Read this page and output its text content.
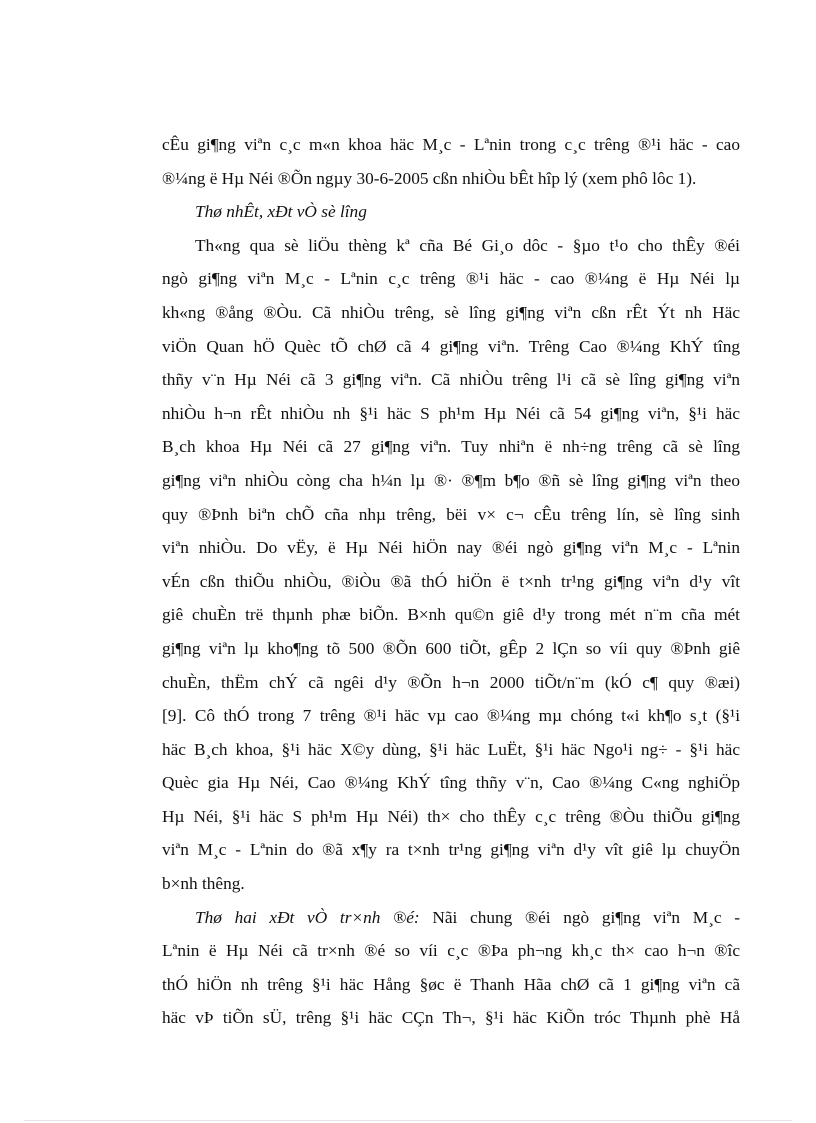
cÊu gi¶ng viªn c¸c m«n khoa häc M¸c - Lªnin trong c¸c trêng ®¹i häc - cao
®¼ng ë Hµ Néi ®Õn ngµy 30-6-2005 cßn nhiÒu bÊt hîp lý (xem phô lôc 1).

Thø nhÊt, xÐt vÒ sè lîng

Th«ng qua sè liÖu thèng kª cña Bé Gi¸o dôc - §µo t¹o cho thÊy ®éi
ngò gi¶ng viªn M¸c - Lªnin c¸c trêng ®¹i häc - cao ®¼ng ë Hµ Néi lµ
kh«ng ®ång ®Òu. Cã nhiÒu trêng, sè lîng gi¶ng viªn cßn rÊt Ýt nh Häc
viÖn Quan hÖ Quèc tÕ chØ cã 4 gi¶ng viªn. Trêng Cao ®¼ng KhÝ tîng
thñy v¨n Hµ Néi cã 3 gi¶ng viªn. Cã nhiÒu trêng l¹i cã sè lîng gi¶ng viªn
nhiÒu h¬n rÊt nhiÒu nh §¹i häc S ph¹m Hµ Néi cã 54 gi¶ng viªn, §¹i häc
B¸ch khoa Hµ Néi cã 27 gi¶ng viªn. Tuy nhiªn ë nh÷ng trêng cã sè lîng
gi¶ng viªn nhiÒu còng cha h¼n lµ ®· ®¶m b¶o ®ñ sè lîng gi¶ng viªn theo
quy ®Þnh biªn chÕ cña nhµ trêng, bëi v× c¬ cÊu trêng lín, sè lîng sinh
viªn nhiÒu. Do vËy, ë Hµ Néi hiÖn nay ®éi ngò gi¶ng viªn M¸c - Lªnin
vÉn cßn thiÕu nhiÒu, ®iÒu ®ã thÓ hiÖn ë t×nh tr¹ng gi¶ng viªn d¹y vît
giê chuÈn trë thµnh phæ biÕn. B×nh qu©n giê d¹y trong mét n¨m cña mét
gi¶ng viªn lµ kho¶ng tõ 500 ®Õn 600 tiÕt, gÊp 2 lÇn so víi quy ®Þnh giê
chuÈn, thËm chÝ cã ngêi d¹y ®Õn h¬n 2000 tiÕt/n¨m (kÓ c¶ quy ®æi)
[9]. Cô thÓ trong 7 trêng ®¹i häc vµ cao ®¼ng mµ chóng t«i kh¶o s¸t (§¹i
häc B¸ch khoa, §¹i häc X©y dùng, §¹i häc LuËt, §¹i häc Ngo¹i ng÷ - §¹i häc
Quèc gia Hµ Néi, Cao ®¼ng KhÝ tîng thñy v¨n, Cao ®¼ng C«ng nghiÖp
Hµ Néi, §¹i häc S ph¹m Hµ Néi) th× cho thÊy c¸c trêng ®Òu thiÕu gi¶ng
viªn M¸c - Lªnin do ®ã x¶y ra t×nh tr¹ng gi¶ng viªn d¹y vît giê lµ chuyÖn
b×nh thêng.

Thø hai xÐt vÒ tr×nh ®é: Nãi chung ®éi ngò gi¶ng viªn M¸c -
Lªnin ë Hµ Néi cã tr×nh ®é so víi c¸c ®Þa ph¬ng kh¸c th× cao h¬n ®îc
thÓ hiÖn nh trêng §¹i häc Hång §øc ë Thanh Hãa chØ cã 1 gi¶ng viªn cã
häc vÞ tiÕn sÜ, trêng §¹i häc CÇn Th¬, §¹i häc KiÕn tróc Thµnh phè Hå
